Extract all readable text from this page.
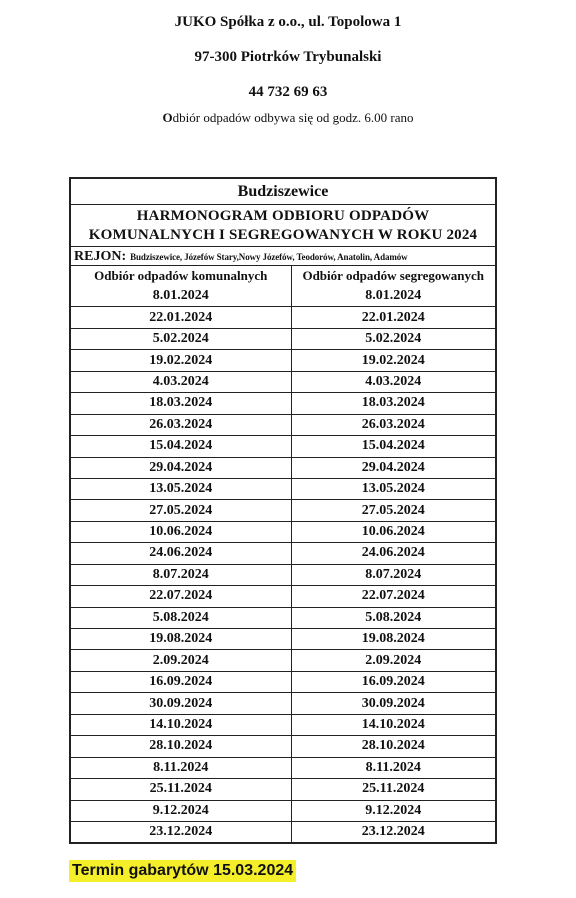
JUKO Spółka z o.o., ul. Topolowa 1
97-300 Piotrków Trybunalski
44 732 69 63
Odbiór odpadów odbywa się od godz. 6.00 rano
Budziszewice
HARMONOGRAM ODBIORU ODPADÓW
KOMUNALNYCH I SEGREGOWANYCH W ROKU 2024
REJON: Budziszewice, Józefów Stary,Nowy Józefów, Teodorów, Anatolin, Adamów
Odbiór odpadów komunalnych	Odbiór odpadów segregowanych
8.01.2024	8.01.2024
22.01.2024	22.01.2024
5.02.2024	5.02.2024
19.02.2024	19.02.2024
4.03.2024	4.03.2024
18.03.2024	18.03.2024
26.03.2024	26.03.2024
15.04.2024	15.04.2024
29.04.2024	29.04.2024
13.05.2024	13.05.2024
27.05.2024	27.05.2024
10.06.2024	10.06.2024
24.06.2024	24.06.2024
8.07.2024	8.07.2024
22.07.2024	22.07.2024
5.08.2024	5.08.2024
19.08.2024	19.08.2024
2.09.2024	2.09.2024
16.09.2024	16.09.2024
30.09.2024	30.09.2024
14.10.2024	14.10.2024
28.10.2024	28.10.2024
8.11.2024	8.11.2024
25.11.2024	25.11.2024
9.12.2024	9.12.2024
23.12.2024	23.12.2024
Termin gabarytów 15.03.2024
